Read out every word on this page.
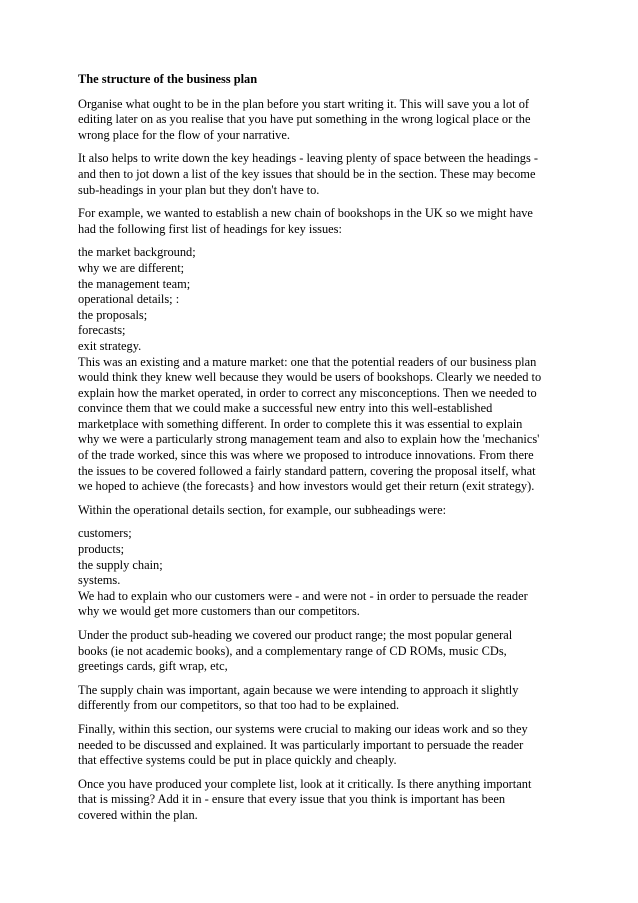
The structure of the business plan
Organise what ought to be in the plan before you start writing it. This will save you a lot of
editing later on as you realise that you have put something in the wrong logical place or the
wrong place for the flow of your narrative.
It also helps to write down the key headings - leaving plenty of space between the headings -
and then to jot down a list of the key issues that should be in the section. These may become
sub-headings in your plan but they don't have to.
For example, we wanted to establish a new chain of bookshops in the UK so we might have
had the following first list of headings for key issues:
the market background;
why we are different;
the management team;
operational details; :
the proposals;
forecasts;
exit strategy.
This was an existing and a mature market: one that the potential readers of our business plan
would think they knew well because they would be users of bookshops. Clearly we needed to
explain how the market operated, in order to correct any misconceptions. Then we needed to
convince them that we could make a successful new entry into this well-established
marketplace with something different. In order to complete this it was essential to explain
why we were a particularly strong management team and also to explain how the 'mechanics'
of the trade worked, since this was where we proposed to introduce innovations. From there
the issues to be covered followed a fairly standard pattern, covering the proposal itself, what
we hoped to achieve (the forecasts} and how investors would get their return (exit strategy).
Within the operational details section, for example, our subheadings were:
customers;
products;
the supply chain;
systems.
We had to explain who our customers were - and were not - in order to persuade the reader
why we would get more customers than our competitors.
Under the product sub-heading we covered our product range; the most popular general
books (ie not academic books), and a complementary range of CD ROMs, music CDs,
greetings cards, gift wrap, etc,
The supply chain was important, again because we were intending to approach it slightly
differently from our competitors, so that too had to be explained.
Finally, within this section, our systems were crucial to making our ideas work and so they
needed to be discussed and explained. It was particularly important to persuade the reader
that effective systems could be put in place quickly and cheaply.
Once you have produced your complete list, look at it critically. Is there anything important
that is missing? Add it in - ensure that every issue that you think is important has been
covered within the plan.
